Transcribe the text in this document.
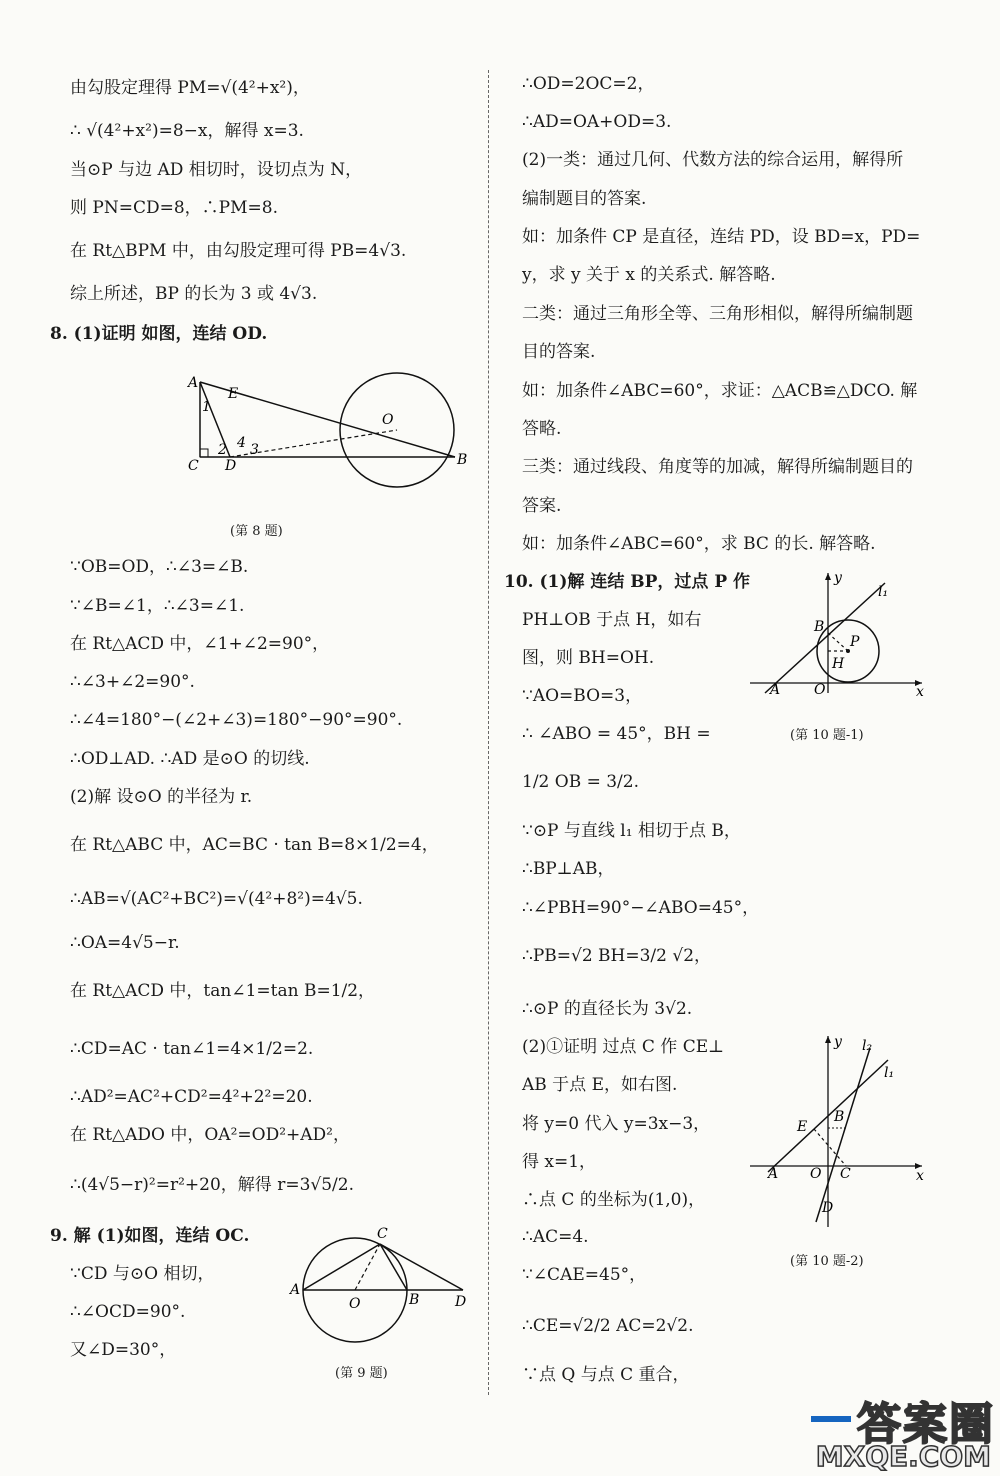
由勾股定理得 PM=√(4²+x²)，
∴ √(4²+x²)=8−x，解得 x=3.
当⊙P 与边 AD 相切时，设切点为 N，
则 PN=CD=8，∴PM=8.
在 Rt△BPM 中，由勾股定理可得 PB=4√3.
综上所述，BP 的长为 3 或 4√3.
8. (1)证明 如图，连结 OD.
A
E
1
O
4
2 3
C D	B
(第 8 题)
∵OB=OD，∴∠3=∠B.
∵∠B=∠1，∴∠3=∠1.
在 Rt△ACD 中，∠1+∠2=90°，
∴∠3+∠2=90°.
∴∠4=180°−(∠2+∠3)=180°−90°=90°.
∴OD⊥AD. ∴AD 是⊙O 的切线.
(2)解 设⊙O 的半径为 r.
在 Rt△ABC 中，AC=BC · tan B=8×1/2=4，
∴AB=√(AC²+BC²)=√(4²+8²)=4√5.
∴OA=4√5−r.
在 Rt△ACD 中，tan∠1=tan B=1/2，
∴CD=AC · tan∠1=4×1/2=2.
∴AD²=AC²+CD²=4²+2²=20.
在 Rt△ADO 中，OA²=OD²+AD²，
∴(4√5−r)²=r²+20，解得 r=3√5/2.
9. 解 (1)如图，连结 OC.
∵CD 与⊙O 相切，
∴∠OCD=90°.
又∠D=30°，
C
A
O	B	D
(第 9 题)
∴OD=2OC=2，
∴AD=OA+OD=3.
(2)一类：通过几何、代数方法的综合运用，解得所
编制题目的答案.
如：加条件 CP 是直径，连结 PD，设 BD=x，PD=
y，求 y 关于 x 的关系式. 解答略.
二类：通过三角形全等、三角形相似，解得所编制题
目的答案.
如：加条件∠ABC=60°，求证：△ACB≌△DCO. 解
答略.
三类：通过线段、角度等的加减，解得所编制题目的
答案.
如：加条件∠ABC=60°，求 BC 的长. 解答略.
10. (1)解 连结 BP，过点 P 作
PH⊥OB 于点 H，如右
图，则 BH=OH.
∵AO=BO=3，
∴ ∠ABO = 45°，BH =
1/2 OB = 3/2.
∵⊙P 与直线 l₁ 相切于点 B，
∴BP⊥AB，
∴∠PBH=90°−∠ABO=45°，
∴PB=√2 BH=3/2 √2，
∴⊙P 的直径长为 3√2.
(2)①证明 过点 C 作 CE⊥
AB 于点 E，如右图.
将 y=0 代入 y=3x−3，
得 x=1，
∴点 C 的坐标为(1,0)，
∴AC=4.
∵∠CAE=45°，
∴CE=√2/2 AC=2√2.
∵点 Q 与点 C 重合，
y
l₁
B
P
H
A O	x
(第 10 题-1)
y l₂
l₁
B
E
A O C	x
D
(第 10 题-2)
答案圈
MXQE.COM
